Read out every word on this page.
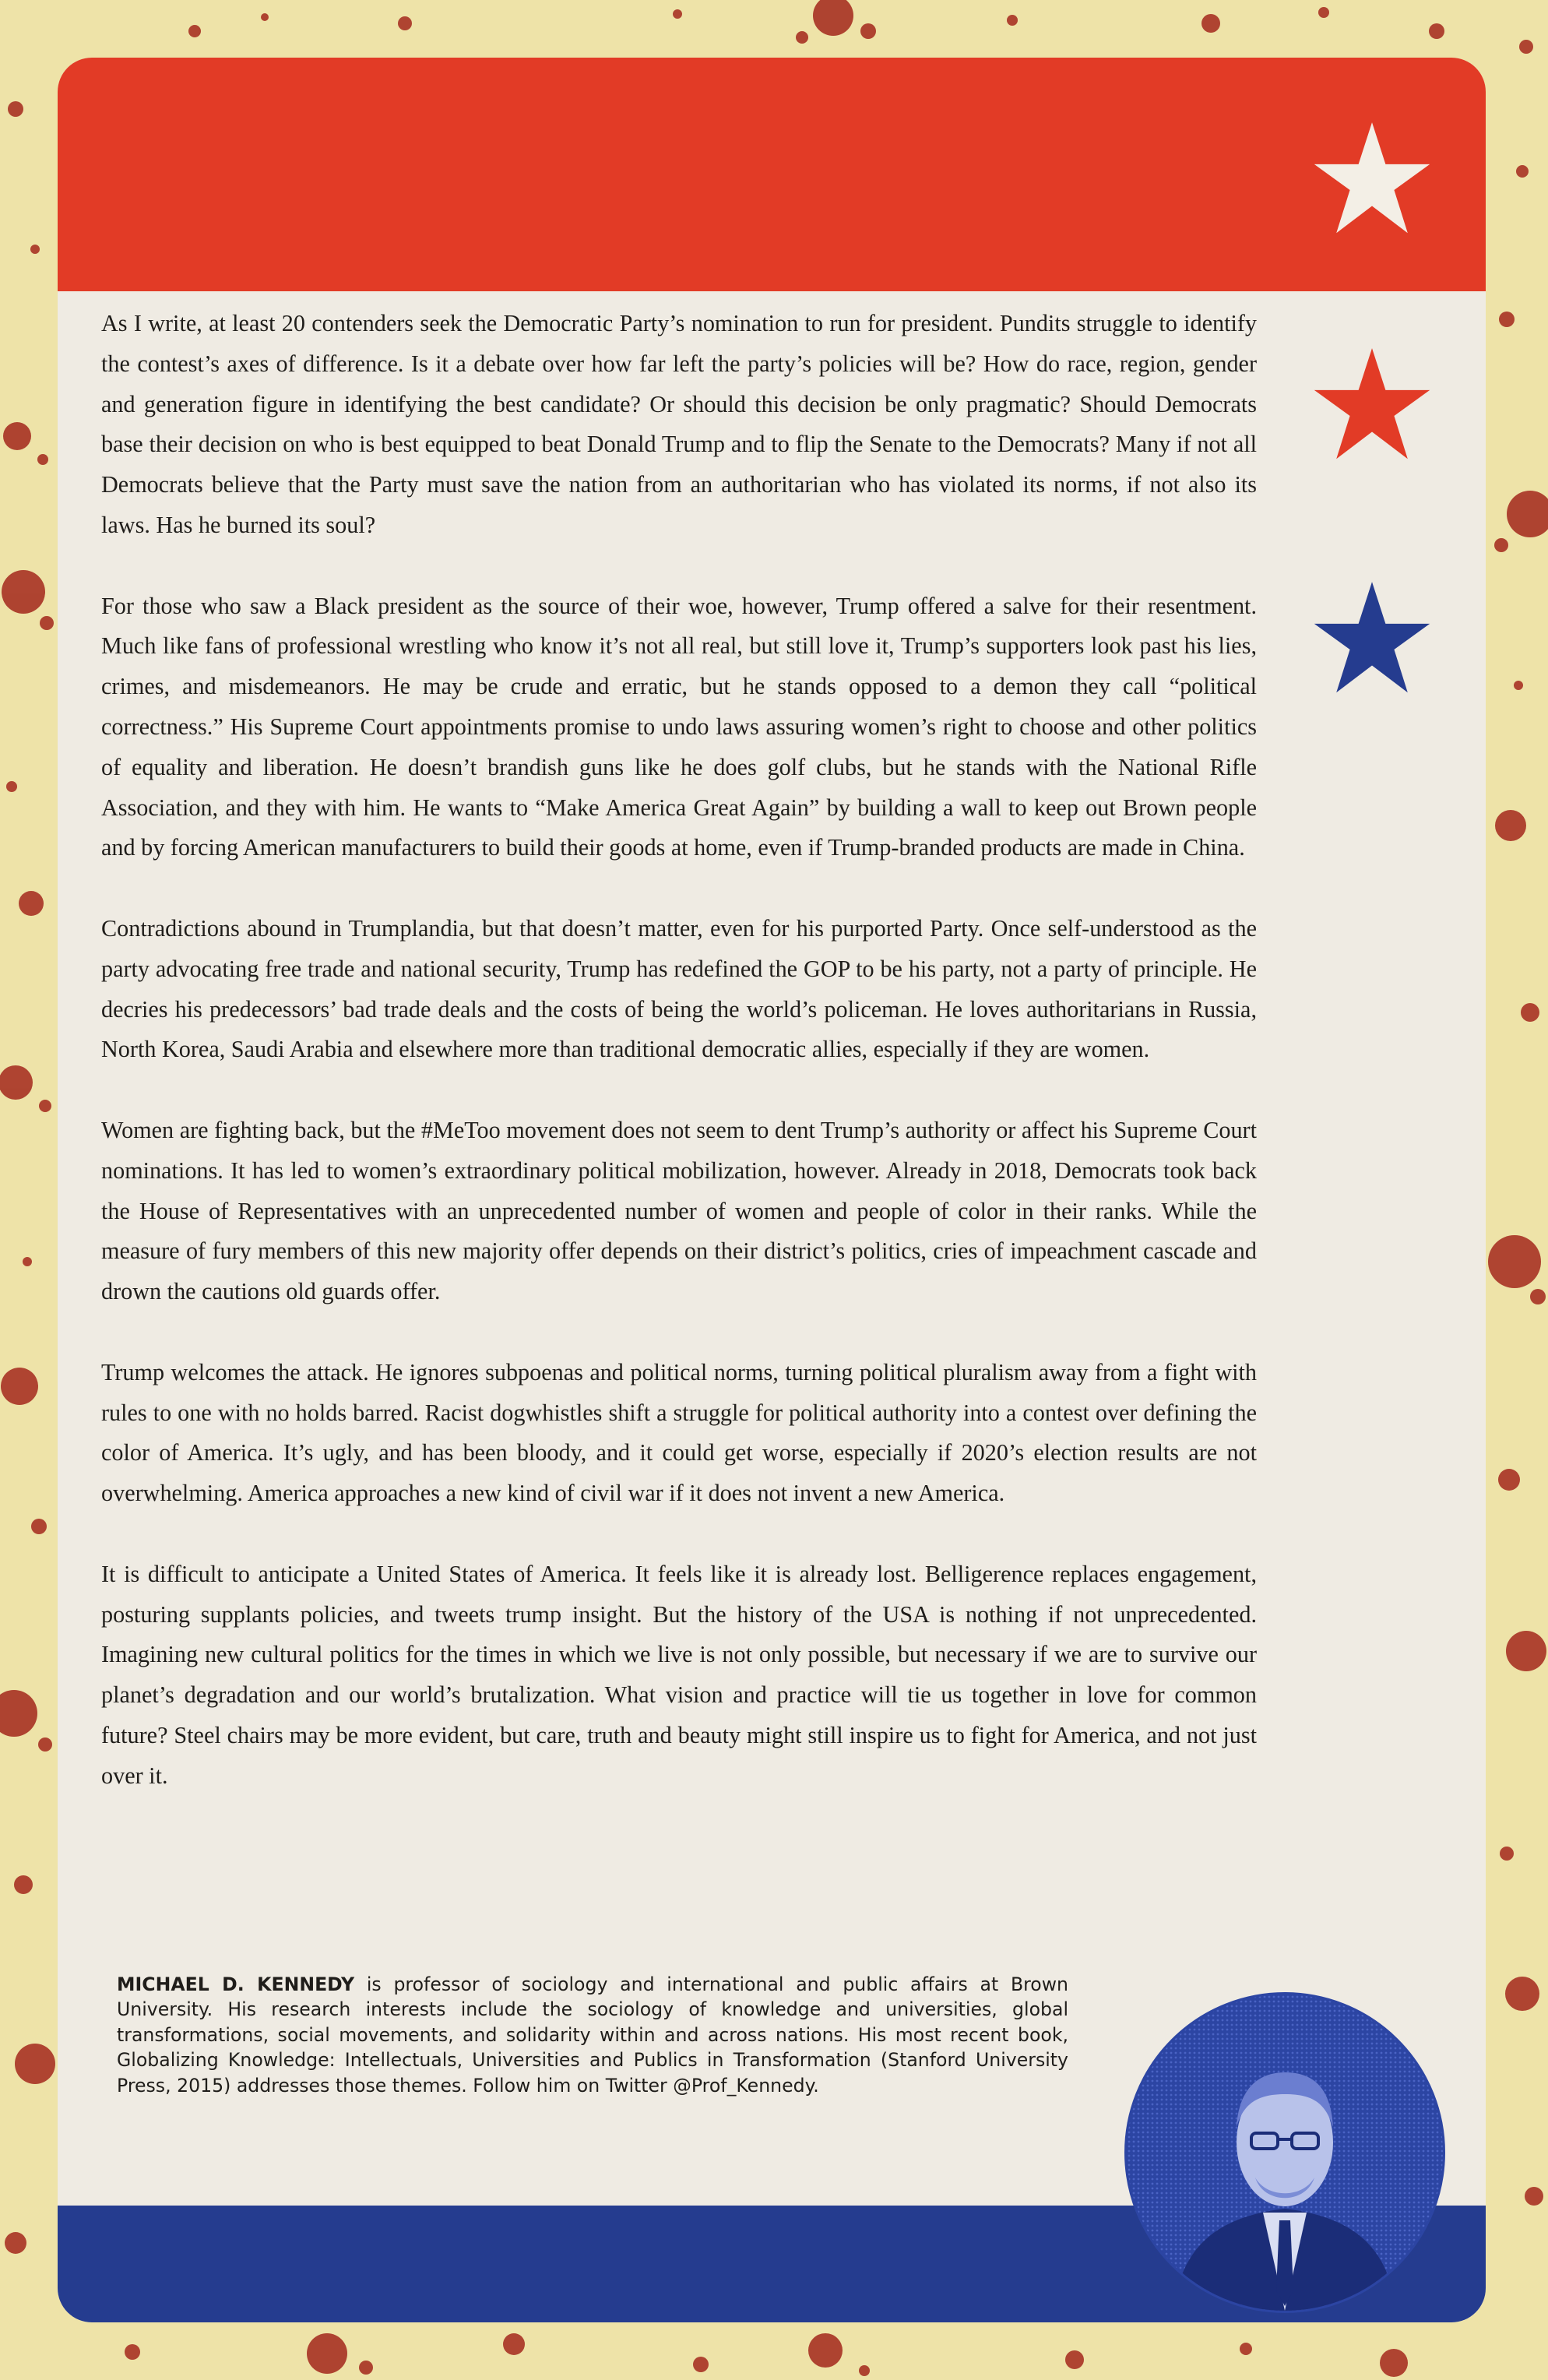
As I write, at least 20 contenders seek the Democratic Party’s nomination to run for president. Pundits struggle to identify the contest’s axes of difference. Is it a debate over how far left the party’s policies will be? How do race, region, gender and generation figure in identifying the best candidate? Or should this decision be only pragmatic? Should Democrats base their decision on who is best equipped to beat Donald Trump and to flip the Senate to the Democrats? Many if not all Democrats believe that the Party must save the nation from an authoritarian who has violated its norms, if not also its laws. Has he burned its soul?

For those who saw a Black president as the source of their woe, however, Trump offered a salve for their resentment. Much like fans of professional wrestling who know it’s not all real, but still love it, Trump’s supporters look past his lies, crimes, and misdemeanors. He may be crude and erratic, but he stands opposed to a demon they call “political correctness.” His Supreme Court appointments promise to undo laws assuring women’s right to choose and other politics of equality and liberation. He doesn’t brandish guns like he does golf clubs, but he stands with the National Rifle Association, and they with him. He wants to “Make America Great Again” by building a wall to keep out Brown people and by forcing American manufacturers to build their goods at home, even if Trump-branded products are made in China.

Contradictions abound in Trumplandia, but that doesn’t matter, even for his purported Party. Once self-understood as the party advocating free trade and national security, Trump has redefined the GOP to be his party, not a party of principle. He decries his predecessors’ bad trade deals and the costs of being the world’s policeman. He loves authoritarians in Russia, North Korea, Saudi Arabia and elsewhere more than traditional democratic allies, especially if they are women.

Women are fighting back, but the #MeToo movement does not seem to dent Trump’s authority or affect his Supreme Court nominations. It has led to women’s extraordinary political mobilization, however. Already in 2018, Democrats took back the House of Representatives with an unprecedented number of women and people of color in their ranks. While the measure of fury members of this new majority offer depends on their district’s politics, cries of impeachment cascade and drown the cautions old guards offer.

Trump welcomes the attack. He ignores subpoenas and political norms, turning political pluralism away from a fight with rules to one with no holds barred. Racist dogwhistles shift a struggle for political authority into a contest over defining the color of America. It’s ugly, and has been bloody, and it could get worse, especially if 2020’s election results are not overwhelming. America approaches a new kind of civil war if it does not invent a new America.

It is difficult to anticipate a United States of America. It feels like it is already lost. Belligerence replaces engagement, posturing supplants policies, and tweets trump insight. But the history of the USA is nothing if not unprecedented. Imagining new cultural politics for the times in which we live is not only possible, but necessary if we are to survive our planet’s degradation and our world’s brutalization. What vision and practice will tie us together in love for common future? Steel chairs may be more evident, but care, truth and beauty might still inspire us to fight for America, and not just over it.

MICHAEL D. KENNEDY is professor of sociology and international and public affairs at Brown University. His research interests include the sociology of knowledge and universities, global transformations, social movements, and solidarity within and across nations. His most recent book, Globalizing Knowledge: Intellectuals, Universities and Publics in Transformation (Stanford University Press, 2015) addresses those themes. Follow him on Twitter @Prof_Kennedy.
